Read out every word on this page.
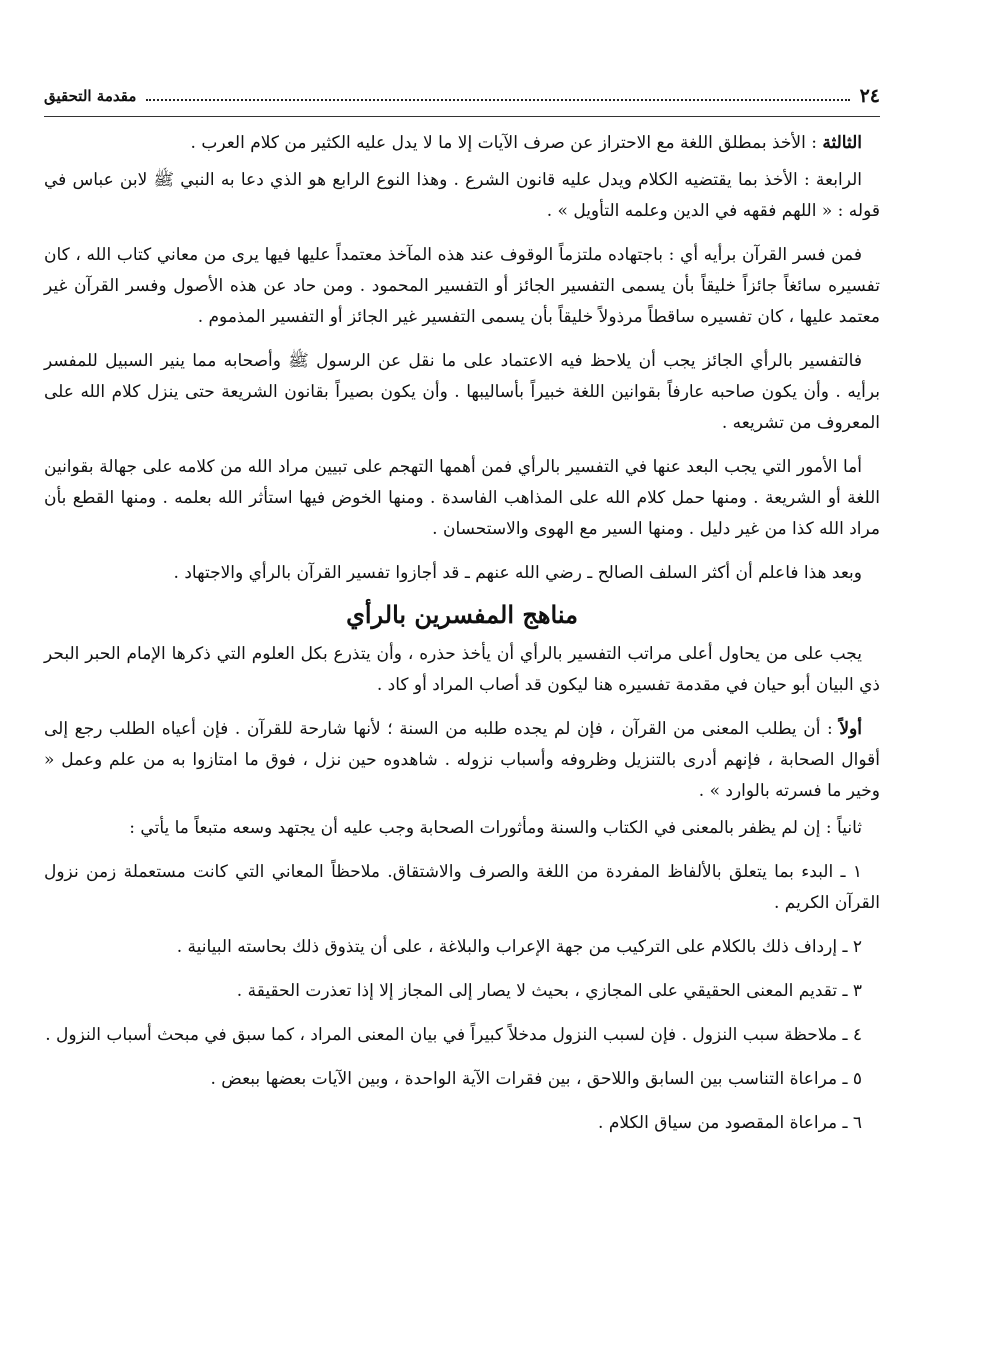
٢٤
مقدمة التحقيق

الثالثة : الأخذ بمطلق اللغة مع الاحتراز عن صرف الآيات إلا ما لا يدل عليه الكثير من كلام العرب .

الرابعة : الأخذ بما يقتضيه الكلام ويدل عليه قانون الشرع . وهذا النوع الرابع هو الذي دعا به النبي ﷺ لابن عباس في قوله : « اللهم فقهه في الدين وعلمه التأويل » .

فمن فسر القرآن برأيه أي : باجتهاده ملتزماً الوقوف عند هذه المآخذ معتمداً عليها فيها يرى من معاني كتاب الله ، كان تفسيره سائغاً جائزاً خليقاً بأن يسمى التفسير الجائز أو التفسير المحمود . ومن حاد عن هذه الأصول وفسر القرآن غير معتمد عليها ، كان تفسيره ساقطاً مرذولاً خليقاً بأن يسمى التفسير غير الجائز أو التفسير المذموم .

فالتفسير بالرأي الجائز يجب أن يلاحظ فيه الاعتماد على ما نقل عن الرسول ﷺ وأصحابه مما ينير السبيل للمفسر برأيه . وأن يكون صاحبه عارفاً بقوانين اللغة خبيراً بأساليبها . وأن يكون بصيراً بقانون الشريعة حتى ينزل كلام الله على المعروف من تشريعه .

أما الأمور التي يجب البعد عنها في التفسير بالرأي فمن أهمها التهجم على تبيين مراد الله من كلامه على جهالة بقوانين اللغة أو الشريعة . ومنها حمل كلام الله على المذاهب الفاسدة . ومنها الخوض فيها استأثر الله بعلمه . ومنها القطع بأن مراد الله كذا من غير دليل . ومنها السير مع الهوى والاستحسان .

وبعد هذا فاعلم أن أكثر السلف الصالح ـ رضي الله عنهم ـ قد أجازوا تفسير القرآن بالرأي والاجتهاد .

مناهج المفسرين بالرأي

يجب على من يحاول أعلى مراتب التفسير بالرأي أن يأخذ حذره ، وأن يتذرع بكل العلوم التي ذكرها الإمام الحبر البحر ذي البيان أبو حيان في مقدمة تفسيره هنا ليكون قد أصاب المراد أو كاد .

أولاً : أن يطلب المعنى من القرآن ، فإن لم يجده طلبه من السنة ؛ لأنها شارحة للقرآن . فإن أعياه الطلب رجع إلى أقوال الصحابة ، فإنهم أدرى بالتنزيل وظروفه وأسباب نزوله . شاهدوه حين نزل ، فوق ما امتازوا به من علم وعمل « وخير ما فسرته بالوارد » .

ثانياً : إن لم يظفر بالمعنى في الكتاب والسنة ومأثورات الصحابة وجب عليه أن يجتهد وسعه متبعاً ما يأتي :

١ ـ البدء بما يتعلق بالألفاظ المفردة من اللغة والصرف والاشتقاق. ملاحظاً المعاني التي كانت مستعملة زمن نزول القرآن الكريم .

٢ ـ إرداف ذلك بالكلام على التركيب من جهة الإعراب والبلاغة ، على أن يتذوق ذلك بحاسته البيانية .

٣ ـ تقديم المعنى الحقيقي على المجازي ، بحيث لا يصار إلى المجاز إلا إذا تعذرت الحقيقة .

٤ ـ ملاحظة سبب النزول . فإن لسبب النزول مدخلاً كبيراً في بيان المعنى المراد ، كما سبق في مبحث أسباب النزول .

٥ ـ مراعاة التناسب بين السابق واللاحق ، بين فقرات الآية الواحدة ، وبين الآيات بعضها ببعض .

٦ ـ مراعاة المقصود من سياق الكلام .
